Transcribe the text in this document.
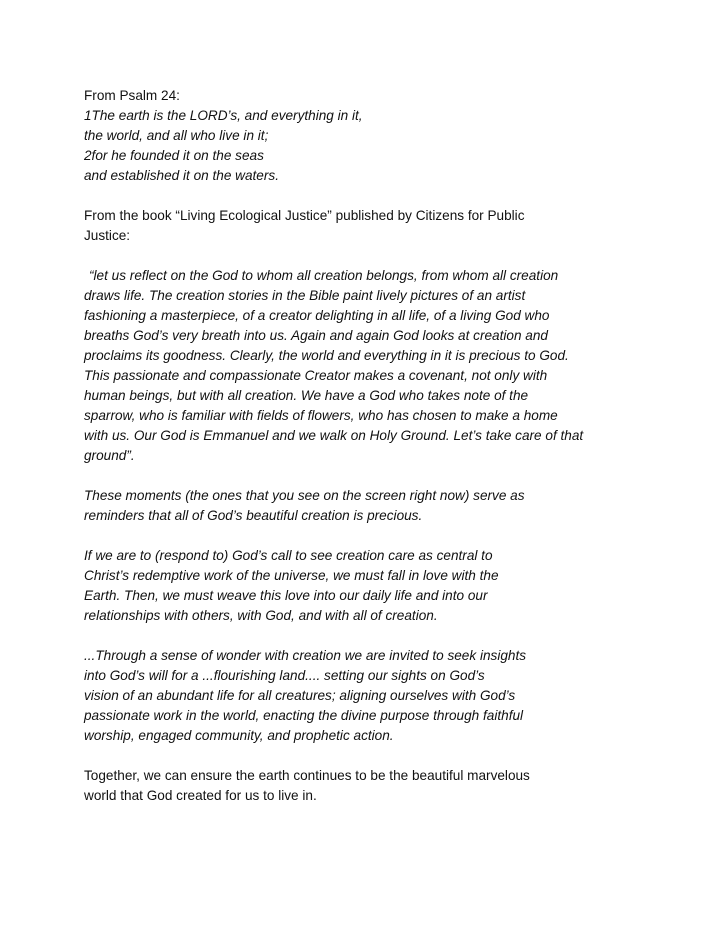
From Psalm 24:
1The earth is the LORD’s, and everything in it,
the world, and all who live in it;
2for he founded it on the seas
and established it on the waters.
From the book “Living Ecological Justice” published by Citizens for Public
Justice:
“let us reflect on the God to whom all creation belongs, from whom all creation
draws life. The creation stories in the Bible paint lively pictures of an artist
fashioning a masterpiece, of a creator delighting in all life, of a living God who
breaths God’s very breath into us. Again and again God looks at creation and
proclaims its goodness. Clearly, the world and everything in it is precious to God.
This passionate and compassionate Creator makes a covenant, not only with
human beings, but with all creation. We have a God who takes note of the
sparrow, who is familiar with fields of flowers, who has chosen to make a home
with us. Our God is Emmanuel and we walk on Holy Ground. Let’s take care of that
ground”.
These moments (the ones that you see on the screen right now) serve as
reminders that all of God’s beautiful creation is precious.
If we are to (respond to) God’s call to see creation care as central to
Christ’s redemptive work of the universe, we must fall in love with the
Earth. Then, we must weave this love into our daily life and into our
relationships with others, with God, and with all of creation.
...Through a sense of wonder with creation we are invited to seek insights
into God’s will for a ...flourishing land.... setting our sights on God’s
vision of an abundant life for all creatures; aligning ourselves with God’s
passionate work in the world, enacting the divine purpose through faithful
worship, engaged community, and prophetic action.
Together, we can ensure the earth continues to be the beautiful marvelous
world that God created for us to live in.
